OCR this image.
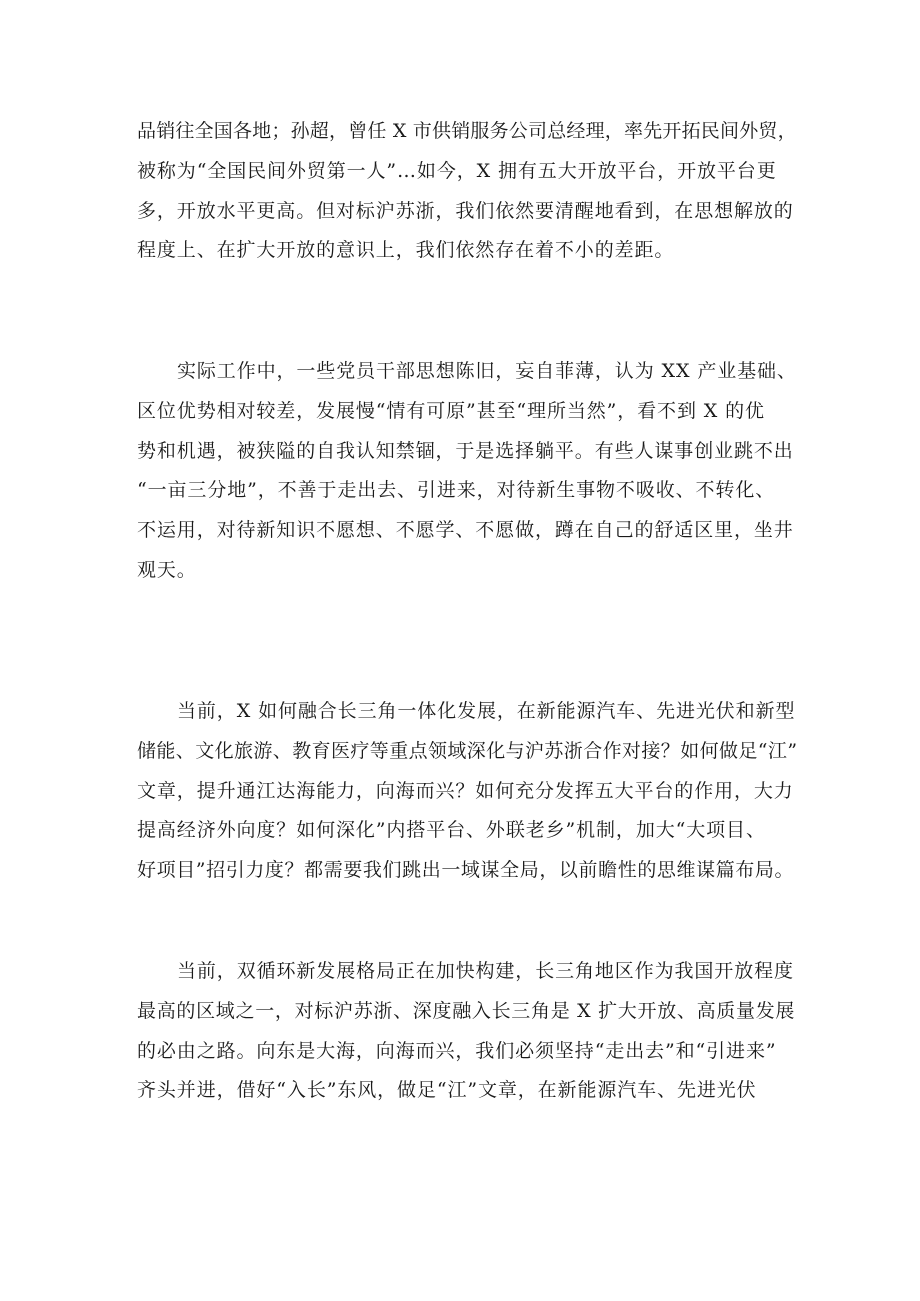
品销往全国各地；孙超，曾任 X 市供销服务公司总经理，率先开拓民间外贸，
被称为“全国民间外贸第一人”…如今，X 拥有五大开放平台，开放平台更
多，开放水平更高。但对标沪苏浙，我们依然要清醒地看到，在思想解放的
程度上、在扩大开放的意识上，我们依然存在着不小的差距。

实际工作中，一些党员干部思想陈旧，妄自菲薄，认为 XX 产业基础、
区位优势相对较差，发展慢“情有可原”甚至“理所当然”，看不到 X 的优
势和机遇，被狭隘的自我认知禁锢，于是选择躺平。有些人谋事创业跳不出
“一亩三分地”，不善于走出去、引进来，对待新生事物不吸收、不转化、
不运用，对待新知识不愿想、不愿学、不愿做，蹲在自己的舒适区里，坐井
观天。

当前，X 如何融合长三角一体化发展，在新能源汽车、先进光伏和新型
储能、文化旅游、教育医疗等重点领域深化与沪苏浙合作对接？如何做足“江”
文章，提升通江达海能力，向海而兴？如何充分发挥五大平台的作用，大力
提高经济外向度？如何深化”内搭平台、外联老乡”机制，加大“大项目、
好项目”招引力度？都需要我们跳出一域谋全局，以前瞻性的思维谋篇布局。

当前，双循环新发展格局正在加快构建，长三角地区作为我国开放程度
最高的区域之一，对标沪苏浙、深度融入长三角是 X 扩大开放、高质量发展
的必由之路。向东是大海，向海而兴，我们必须坚持“走出去”和“引进来”
齐头并进，借好“入长”东风，做足“江”文章，在新能源汽车、先进光伏
